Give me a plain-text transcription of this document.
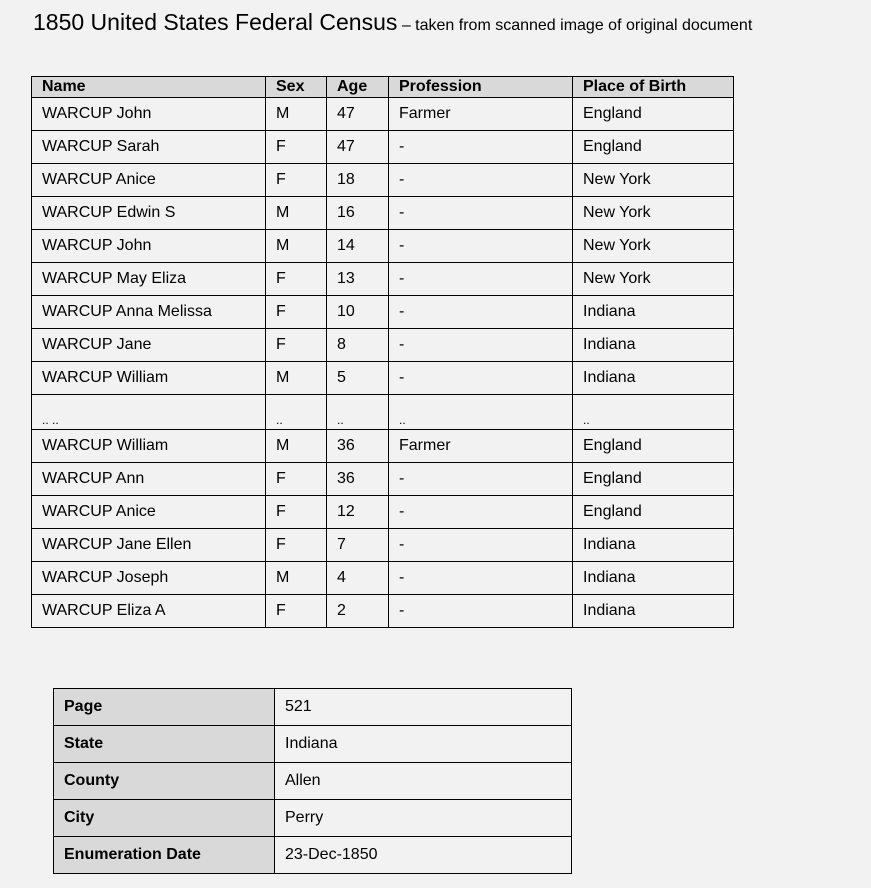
1850 United States Federal Census – taken from scanned image of original document
Name	Sex	Age	Profession	Place of Birth
WARCUP John	M	47	Farmer	England
WARCUP Sarah	F	47	-	England
WARCUP Anice	F	18	-	New York
WARCUP Edwin S	M	16	-	New York
WARCUP John	M	14	-	New York
WARCUP May Eliza	F	13	-	New York
WARCUP Anna Melissa	F	10	-	Indiana
WARCUP Jane	F	8	-	Indiana
WARCUP William	M	5	-	Indiana
.. ..	..	..	..	..
WARCUP William	M	36	Farmer	England
WARCUP Ann	F	36	-	England
WARCUP Anice	F	12	-	England
WARCUP Jane Ellen	F	7	-	Indiana
WARCUP Joseph	M	4	-	Indiana
WARCUP Eliza A	F	2	-	Indiana
Page	521
State	Indiana
County	Allen
City	Perry
Enumeration Date	23-Dec-1850
